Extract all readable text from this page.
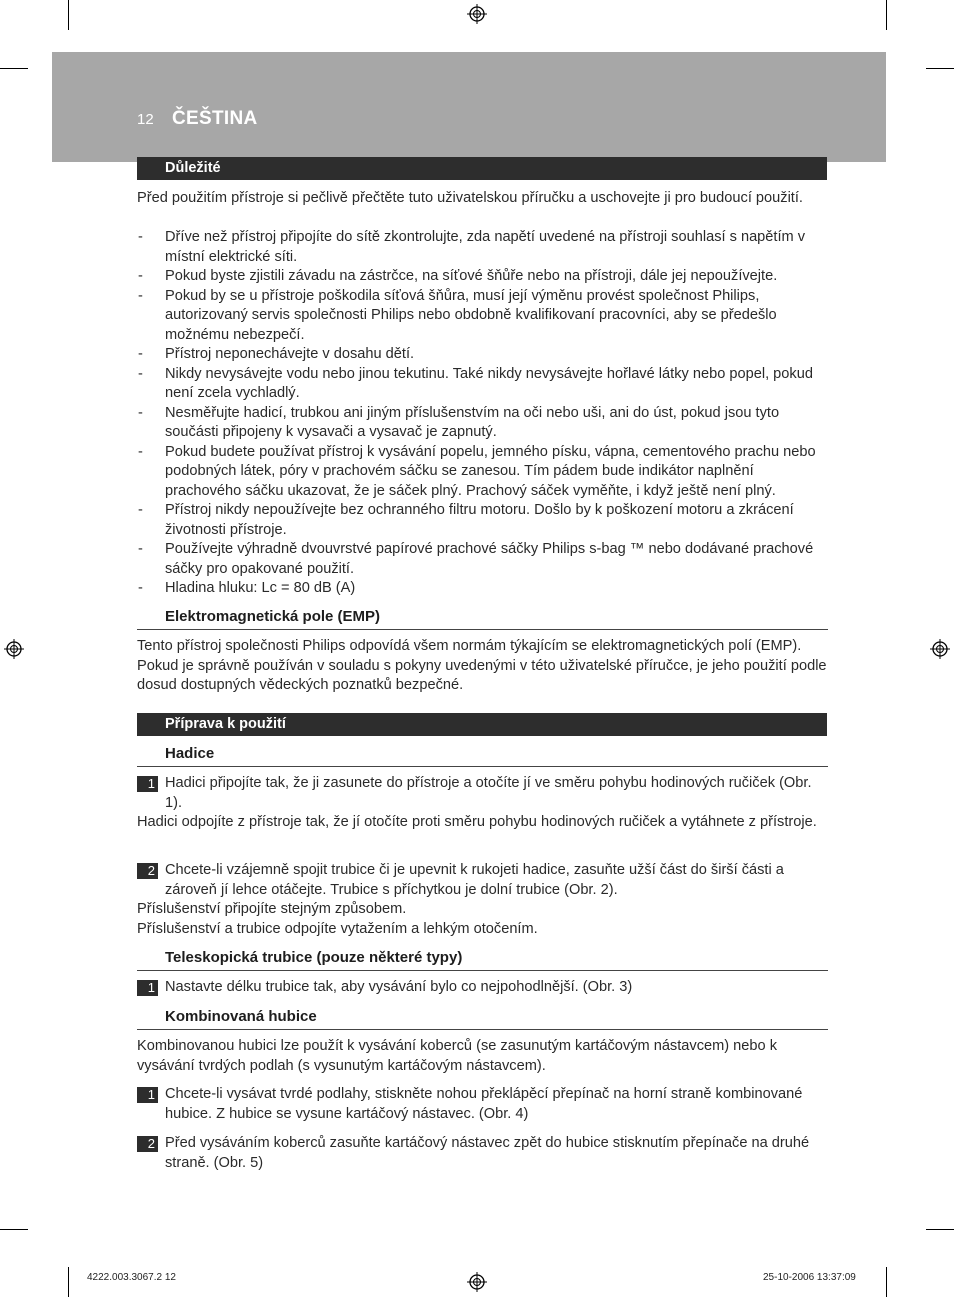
12 ČEŠTINA
Důležité

Před použitím přístroje si pečlivě přečtěte tuto uživatelskou příručku a uschovejte ji pro budoucí použití.

- Dříve než přístroj připojíte do sítě zkontrolujte, zda napětí uvedené na přístroji souhlasí s napětím v místní elektrické síti.
- Pokud byste zjistili závadu na zástrčce, na síťové šňůře nebo na přístroji, dále jej nepoužívejte.
- Pokud by se u přístroje poškodila síťová šňůra, musí její výměnu provést společnost Philips, autorizovaný servis společnosti Philips nebo obdobně kvalifikovaní pracovníci, aby se předešlo možnému nebezpečí.
- Přístroj neponechávejte v dosahu dětí.
- Nikdy nevysávejte vodu nebo jinou tekutinu. Také nikdy nevysávejte hořlavé látky nebo popel, pokud není zcela vychladlý.
- Nesměřujte hadicí, trubkou ani jiným příslušenstvím na oči nebo uši, ani do úst, pokud jsou tyto součásti připojeny k vysavači a vysavač je zapnutý.
- Pokud budete používat přístroj k vysávání popelu, jemného písku, vápna, cementového prachu nebo podobných látek, póry v prachovém sáčku se zanesou. Tím pádem bude indikátor naplnění prachového sáčku ukazovat, že je sáček plný. Prachový sáček vyměňte, i když ještě není plný.
- Přístroj nikdy nepoužívejte bez ochranného filtru motoru. Došlo by k poškození motoru a zkrácení životnosti přístroje.
- Používejte výhradně dvouvrstvé papírové prachové sáčky Philips s-bag ™ nebo dodávané prachové sáčky pro opakované použití.
- Hladina hluku: Lc = 80 dB (A)
Elektromagnetická pole (EMP)

Tento přístroj společnosti Philips odpovídá všem normám týkajícím se elektromagnetických polí (EMP). Pokud je správně používán v souladu s pokyny uvedenými v této uživatelské příručce, je jeho použití podle dosud dostupných vědeckých poznatků bezpečné.

Příprava k použití
Hadice
1 Hadici připojíte tak, že ji zasunete do přístroje a otočíte jí ve směru pohybu hodinových ručiček (Obr. 1).

Hadici odpojíte z přístroje tak, že jí otočíte proti směru pohybu hodinových ručiček a vytáhnete z přístroje.

2 Chcete-li vzájemně spojit trubice či je upevnit k rukojeti hadice, zasuňte užší část do širší části a zároveň jí lehce otáčejte. Trubice s příchytkou je dolní trubice (Obr. 2).

Příslušenství připojíte stejným způsobem.

Příslušenství a trubice odpojíte vytažením a lehkým otočením.

Teleskopická trubice (pouze některé typy)
1 Nastavte délku trubice tak, aby vysávání bylo co nejpohodlnější. (Obr. 3)
Kombinovaná hubice

Kombinovanou hubici lze použít k vysávání koberců (se zasunutým kartáčovým nástavcem) nebo k vysávání tvrdých podlah (s vysunutým kartáčovým nástavcem).

1 Chcete-li vysávat tvrdé podlahy, stiskněte nohou překlápěcí přepínač na horní straně kombinované hubice. Z hubice se vysune kartáčový nástavec. (Obr. 4)
2 Před vysáváním koberců zasuňte kartáčový nástavec zpět do hubice stisknutím přepínače na druhé straně. (Obr. 5)
4222.003.3067.2 12	25-10-2006 13:37:09
